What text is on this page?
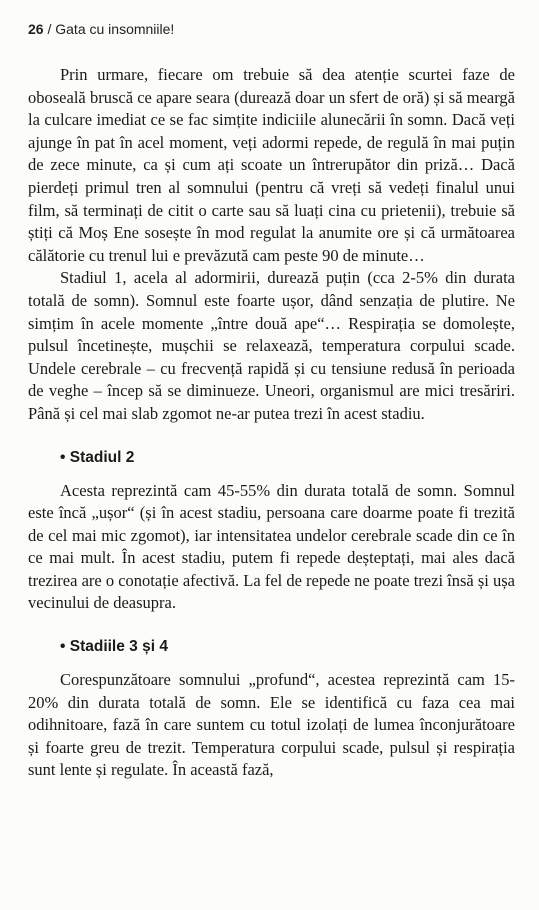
26 / Gata cu insomniile!

Prin urmare, fiecare om trebuie să dea atenție scurtei faze de oboseală bruscă ce apare seara (durează doar un sfert de oră) și să meargă la culcare imediat ce se fac simțite indiciile alunecării în somn. Dacă veți ajunge în pat în acel moment, veți adormi repede, de regulă în mai puțin de zece minute, ca și cum ați scoate un întrerupător din priză… Dacă pierdeți primul tren al somnului (pentru că vreți să vedeți finalul unui film, să terminați de citit o carte sau să luați cina cu prietenii), trebuie să știți că Moș Ene sosește în mod regulat la anumite ore și că următoarea călătorie cu trenul lui e prevăzută cam peste 90 de minute…

Stadiul 1, acela al adormirii, durează puțin (cca 2-5% din durata totală de somn). Somnul este foarte ușor, dând senzația de plutire. Ne simțim în acele momente „între două ape“… Respirația se domolește, pulsul încetinește, mușchii se relaxează, temperatura corpului scade. Undele cerebrale – cu frecvență rapidă și cu tensiune redusă în perioada de veghe – încep să se diminueze. Uneori, organismul are mici tresăriri. Până și cel mai slab zgomot ne-ar putea trezi în acest stadiu.

• Stadiul 2

Acesta reprezintă cam 45-55% din durata totală de somn. Somnul este încă „ușor“ (și în acest stadiu, persoana care doarme poate fi trezită de cel mai mic zgomot), iar intensitatea undelor cerebrale scade din ce în ce mai mult. În acest stadiu, putem fi repede deșteptați, mai ales dacă trezirea are o conotație afectivă. La fel de repede ne poate trezi însă și ușa vecinului de deasupra.

• Stadiile 3 și 4

Corespunzătoare somnului „profund“, acestea reprezintă cam 15-20% din durata totală de somn. Ele se identifică cu faza cea mai odihnitoare, fază în care suntem cu totul izolați de lumea înconjurătoare și foarte greu de trezit. Temperatura corpului scade, pulsul și respirația sunt lente și regulate. În această fază,
